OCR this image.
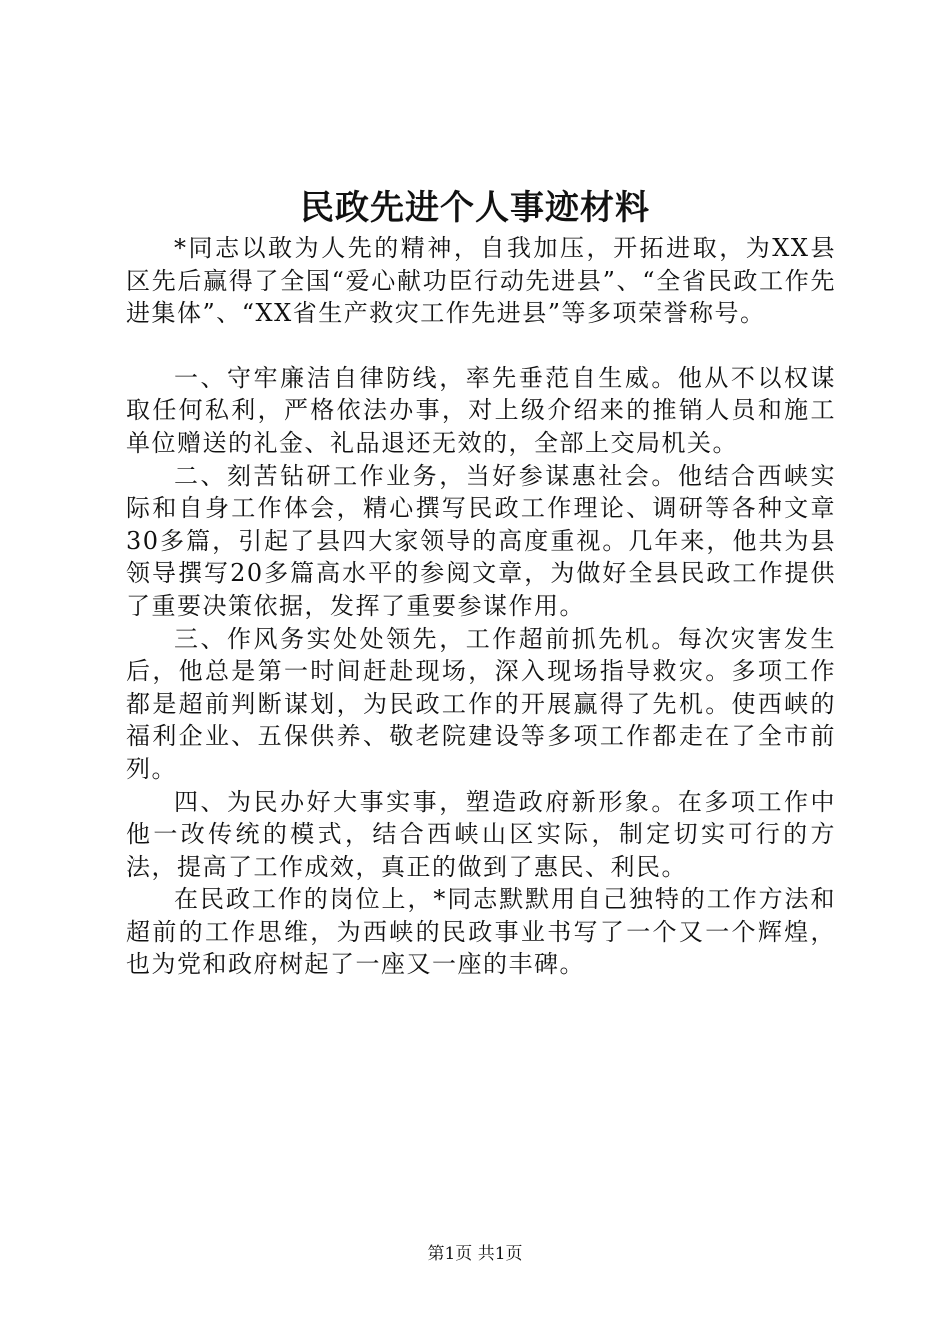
民政先进个人事迹材料

*同志以敢为人先的精神，自我加压，开拓进取，为XX县区先后赢得了全国“爱心献功臣行动先进县”、“全省民政工作先进集体”、“XX省生产救灾工作先进县”等多项荣誉称号。

一、守牢廉洁自律防线，率先垂范自生威。他从不以权谋取任何私利，严格依法办事，对上级介绍来的推销人员和施工单位赠送的礼金、礼品退还无效的，全部上交局机关。

二、刻苦钻研工作业务，当好参谋惠社会。他结合西峡实际和自身工作体会，精心撰写民政工作理论、调研等各种文章30多篇，引起了县四大家领导的高度重视。几年来，他共为县领导撰写20多篇高水平的参阅文章，为做好全县民政工作提供了重要决策依据，发挥了重要参谋作用。

三、作风务实处处领先，工作超前抓先机。每次灾害发生后，他总是第一时间赶赴现场，深入现场指导救灾。多项工作都是超前判断谋划，为民政工作的开展赢得了先机。使西峡的福利企业、五保供养、敬老院建设等多项工作都走在了全市前列。

四、为民办好大事实事，塑造政府新形象。在多项工作中他一改传统的模式，结合西峡山区实际，制定切实可行的方法，提高了工作成效，真正的做到了惠民、利民。

在民政工作的岗位上，*同志默默用自己独特的工作方法和超前的工作思维，为西峡的民政事业书写了一个又一个辉煌，也为党和政府树起了一座又一座的丰碑。

第1页 共1页
